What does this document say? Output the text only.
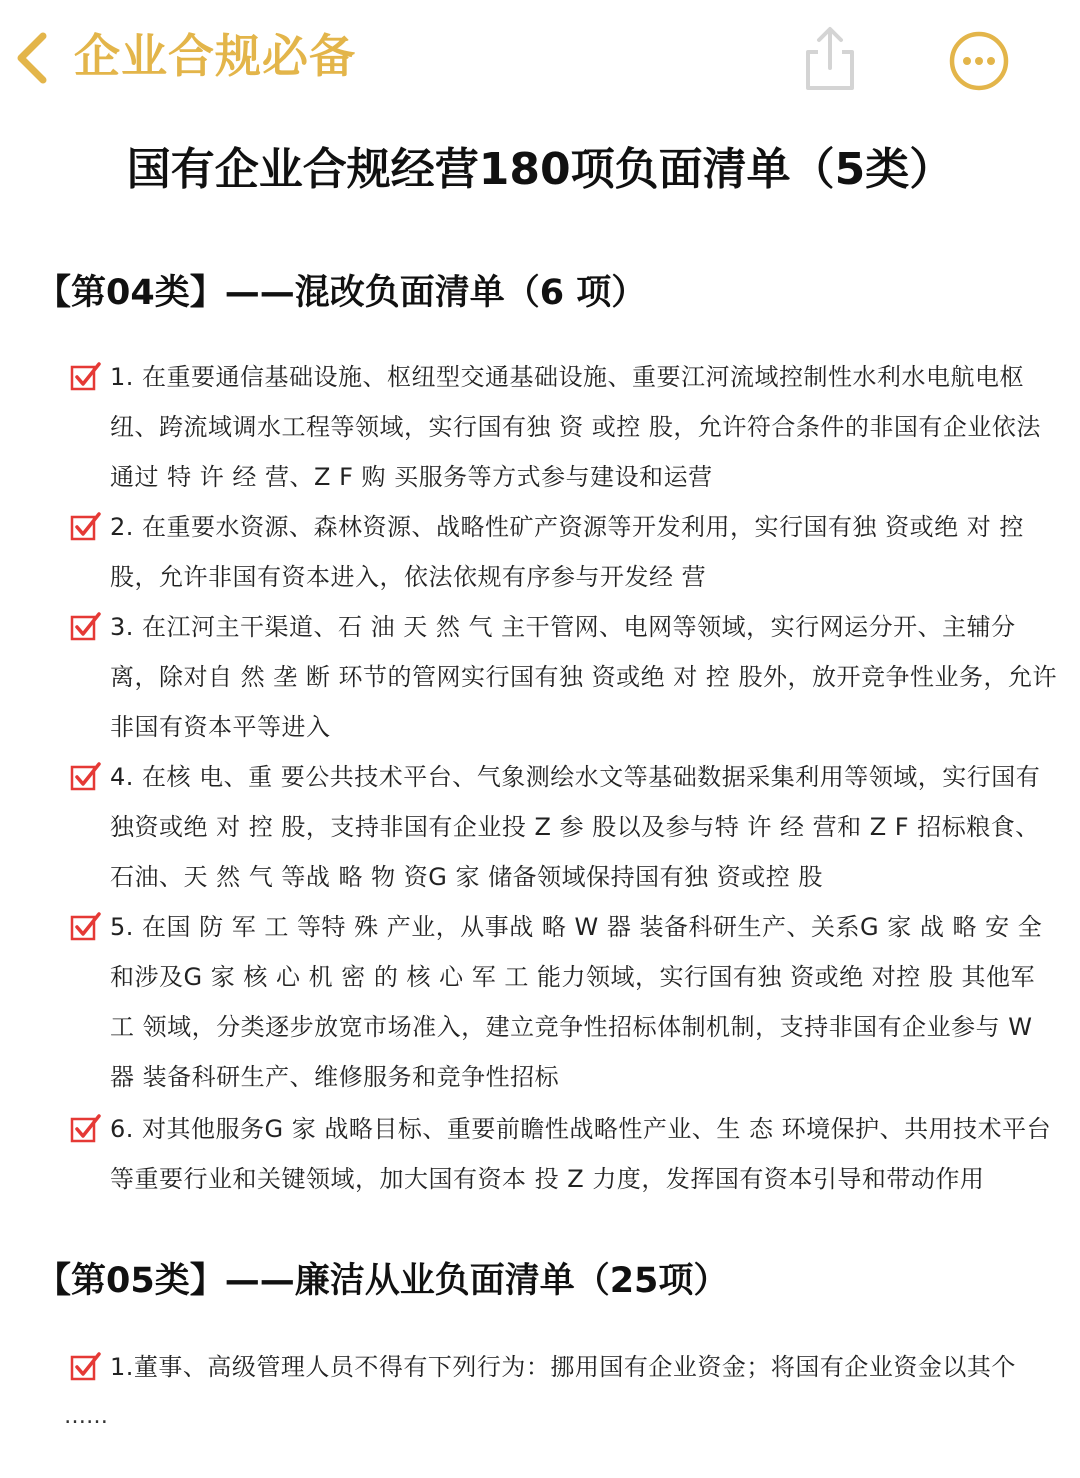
企业合规必备
国有企业合规经营180项负面清单（5类）
【第04类】——混改负面清单（6 项）
1. 在重要通信基础设施、枢纽型交通基础设施、重要江河流域控制性水利水电航电枢纽、跨流域调水工程等领域，实行国有独 资 或控 股，允许符合条件的非国有企业依法通过 特 许 经 营、Z F 购 买服务等方式参与建设和运营
2. 在重要水资源、森林资源、战略性矿产资源等开发利用，实行国有独 资或绝 对 控股，允许非国有资本进入，依法依规有序参与开发经 营
3. 在江河主干渠道、石 油 天 然 气 主干管网、电网等领域，实行网运分开、主辅分离，除对自 然 垄 断 环节的管网实行国有独 资或绝 对 控 股外，放开竞争性业务，允许非国有资本平等进入
4. 在核 电、重 要公共技术平台、气象测绘水文等基础数据采集利用等领域，实行国有独资或绝 对 控 股，支持非国有企业投 Z 参 股以及参与特 许 经 营和 Z F 招标粮食、石油、天 然 气 等战 略 物 资G 家 储备领域保持国有独 资或控 股
5. 在国 防 军 工 等特 殊 产业，从事战 略 W 器 装备科研生产、关系G 家 战 略 安 全和涉及G 家 核 心 机 密 的 核 心 军 工 能力领域，实行国有独 资或绝 对控 股 其他军 工 领域，分类逐步放宽市场准入，建立竞争性招标体制机制，支持非国有企业参与 W 器 装备科研生产、维修服务和竞争性招标
6. 对其他服务G 家 战略目标、重要前瞻性战略性产业、生 态 环境保护、共用技术平台等重要行业和关键领域，加大国有资本 投 Z 力度，发挥国有资本引导和带动作用
【第05类】——廉洁从业负面清单（25项）
1.董事、高级管理人员不得有下列行为：挪用国有企业资金；将国有企业资金以其个
……
